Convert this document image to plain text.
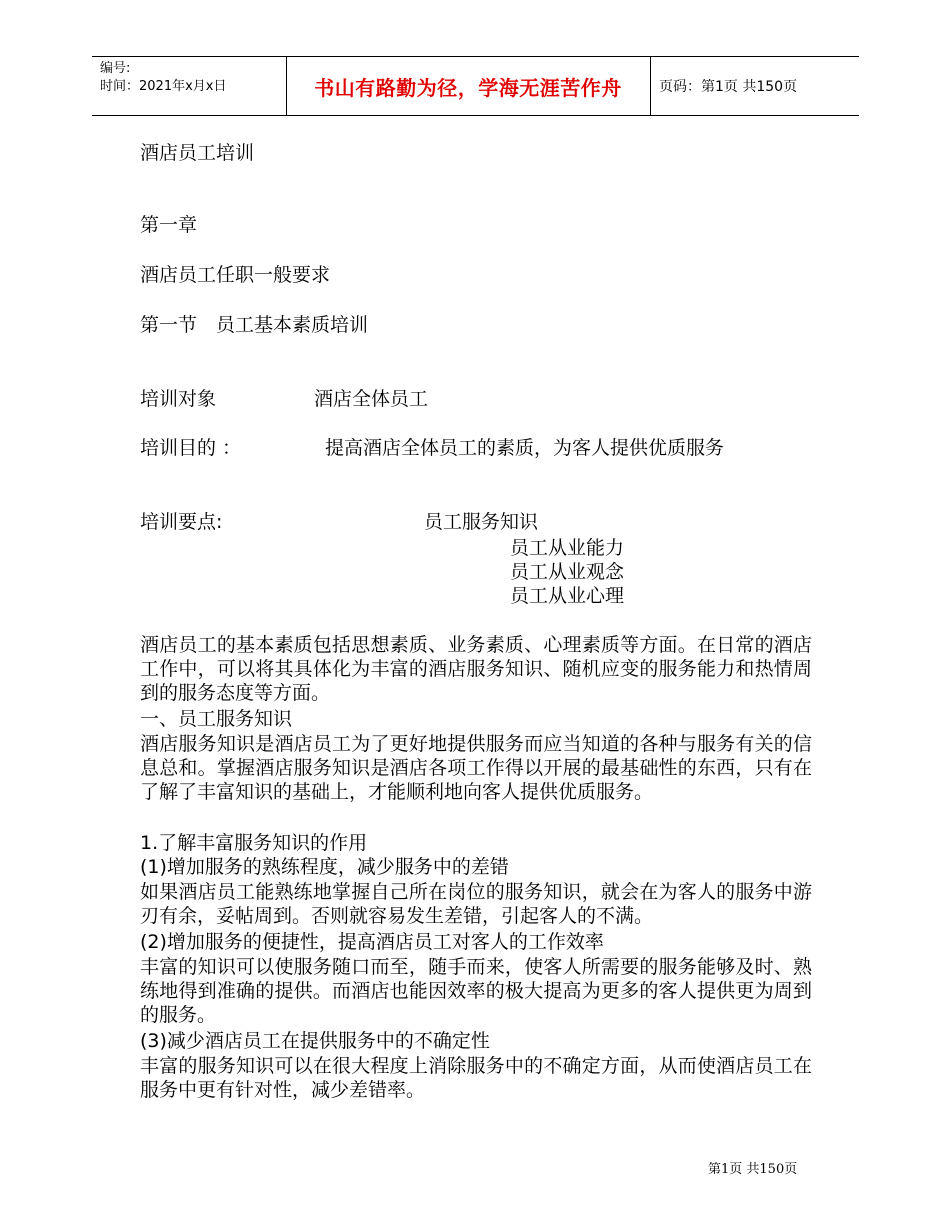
编号:
时间：2021年x月x日	书山有路勤为径，学海无涯苦作舟	页码：第1页 共150页
酒店员工培训
第一章
酒店员工任职一般要求
第一节　员工基本素质培训
培训对象	酒店全体员工
培训目的 ：	提高酒店全体员工的素质，为客人提供优质服务
培训要点:	员工服务知识
员工从业能力
员工从业观念
员工从业心理
酒店员工的基本素质包括思想素质、业务素质、心理素质等方面。在日常的酒店工作中，可以将其具体化为丰富的酒店服务知识、随机应变的服务能力和热情周到的服务态度等方面。
一、员工服务知识
酒店服务知识是酒店员工为了更好地提供服务而应当知道的各种与服务有关的信息总和。掌握酒店服务知识是酒店各项工作得以开展的最基础性的东西，只有在了解了丰富知识的基础上，才能顺利地向客人提供优质服务。
1.了解丰富服务知识的作用
(1)增加服务的熟练程度，减少服务中的差错
如果酒店员工能熟练地掌握自己所在岗位的服务知识，就会在为客人的服务中游刃有余，妥帖周到。否则就容易发生差错，引起客人的不满。
(2)增加服务的便捷性，提高酒店员工对客人的工作效率
丰富的知识可以使服务随口而至，随手而来，使客人所需要的服务能够及时、熟练地得到准确的提供。而酒店也能因效率的极大提高为更多的客人提供更为周到的服务。
(3)减少酒店员工在提供服务中的不确定性
丰富的服务知识可以在很大程度上消除服务中的不确定方面，从而使酒店员工在服务中更有针对性，减少差错率。
第1页 共150页
